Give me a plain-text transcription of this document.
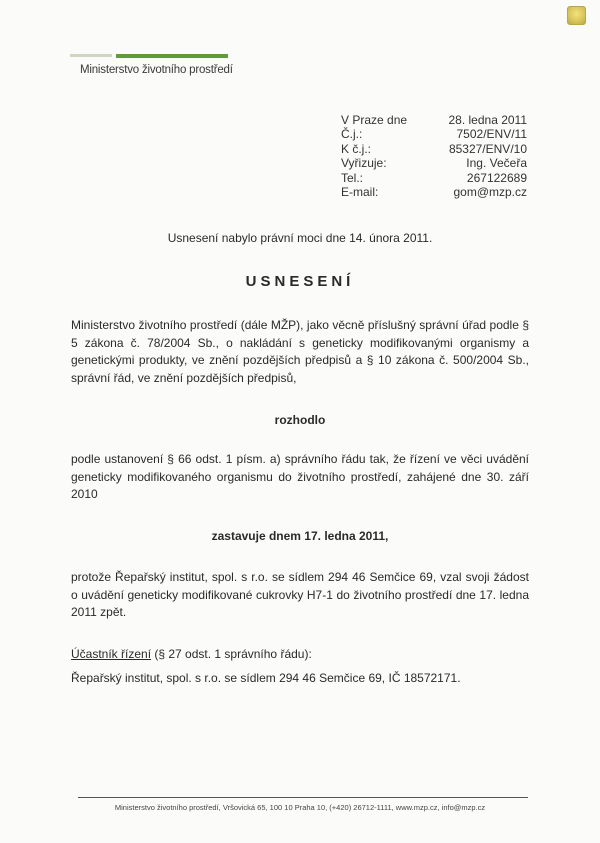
Ministerstvo životního prostředí
V Praze dne	28. ledna 2011
Č.j.:	7502/ENV/11
K č.j.:	85327/ENV/10
Vyřizuje:	Ing. Večeřa
Tel.:	267122689
E-mail:	gom@mzp.cz
Usnesení nabylo právní moci dne 14. února 2011.
USNESENÍ
Ministerstvo životního prostředí (dále MŽP), jako věcně příslušný správní úřad podle § 5 zákona č. 78/2004 Sb., o nakládání s geneticky modifikovanými organismy a genetickými produkty, ve znění pozdějších předpisů a § 10 zákona č. 500/2004 Sb., správní řád, ve znění pozdějších předpisů,
rozhodlo
podle ustanovení § 66 odst. 1 písm. a) správního řádu tak, že řízení ve věci uvádění geneticky modifikovaného organismu do životního prostředí, zahájené dne 30. září 2010
zastavuje dnem 17. ledna 2011,
protože Řepařský institut, spol. s r.o. se sídlem 294 46 Semčice 69, vzal svoji žádost o uvádění geneticky modifikované cukrovky H7-1 do životního prostředí dne 17. ledna 2011 zpět.
Účastník řízení (§ 27 odst. 1 správního řádu):
Řepařský institut, spol. s r.o. se sídlem 294 46 Semčice 69, IČ 18572171.
Ministerstvo životního prostředí, Vršovická 65, 100 10 Praha 10, (+420) 26712-1111, www.mzp.cz, info@mzp.cz
